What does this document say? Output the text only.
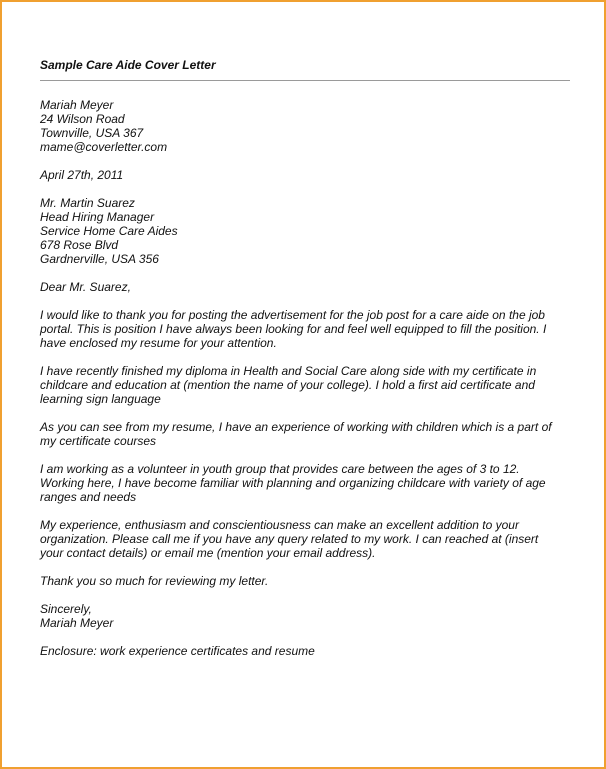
Sample Care Aide Cover Letter
Mariah Meyer
24 Wilson Road
Townville, USA 367
mame@coverletter.com
April 27th, 2011
Mr. Martin Suarez
Head Hiring Manager
Service Home Care Aides
678 Rose Blvd
Gardnerville, USA 356
Dear Mr. Suarez,
I would like to thank you for posting the advertisement for the job post for a care aide on the job
portal. This is position I have always been looking for and feel well equipped to fill the position. I
have enclosed my resume for your attention.
I have recently finished my diploma in Health and Social Care along side with my certificate in
childcare and education at (mention the name of your college). I hold a first aid certificate and
learning sign language
As you can see from my resume, I have an experience of working with children which is a part of
my certificate courses
I am working as a volunteer in youth group that provides care between the ages of 3 to 12.
Working here, I have become familiar with planning and organizing childcare with variety of age
ranges and needs
My experience, enthusiasm and conscientiousness can make an excellent addition to your
organization. Please call me if you have any query related to my work. I can reached at (insert
your contact details) or email me (mention your email address).
Thank you so much for reviewing my letter.
Sincerely,
Mariah Meyer
Enclosure: work experience certificates and resume
